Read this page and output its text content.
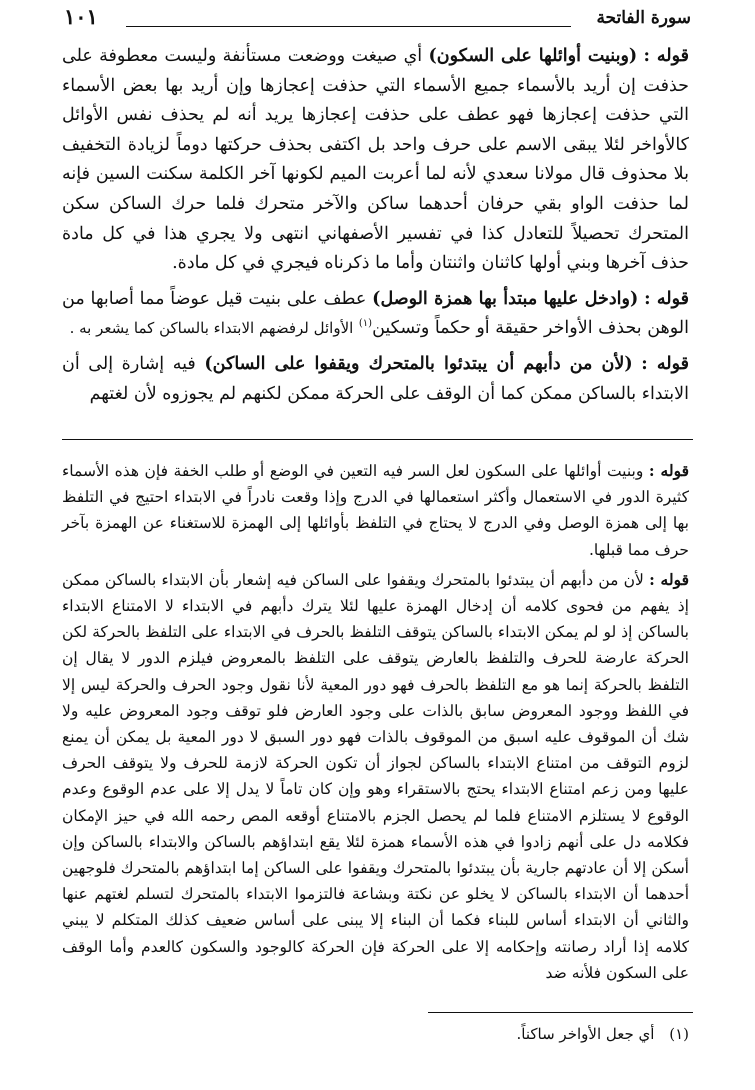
سورة الفاتحة
١٠١

قوله : (وبنيت أوائلها على السكون) أي صيغت ووضعت مستأنفة وليست معطوفة على حذفت إن أريد بالأسماء جميع الأسماء التي حذفت إعجازها وإن أريد بها بعض الأسماء التي حذفت إعجازها فهو عطف على حذفت إعجازها يريد أنه لم يحذف نفس الأوائل كالأواخر لئلا يبقى الاسم على حرف واحد بل اكتفى بحذف حركتها دوماً لزيادة التخفيف بلا محذوف قال مولانا سعدي لأنه لما أعربت الميم لكونها آخر الكلمة سكنت السين فإنه لما حذفت الواو بقي حرفان أحدهما ساكن والآخر متحرك فلما حرك الساكن سكن المتحرك تحصيلاً للتعادل كذا في تفسير الأصفهاني انتهى ولا يجري هذا في كل مادة حذف آخرها وبني أولها كاثنان واثنتان وأما ما ذكرناه فيجري في كل مادة.

قوله : (وادخل عليها مبتدأ بها همزة الوصل) عطف على بنيت قيل عوضاً مما أصابها من الوهن بحذف الأواخر حقيقة أو حكماً وتسكين$^{(١)}$ الأوائل لرفضهم الابتداء بالساكن كما يشعر به .

قوله : (لأن من دأبهم أن يبتدئوا بالمتحرك ويقفوا على الساكن) فيه إشارة إلى أن الابتداء بالساكن ممكن كما أن الوقف على الحركة ممكن لكنهم لم يجوزوه لأن لغتهم

قوله : وبنيت أوائلها على السكون لعل السر فيه التعين في الوضع أو طلب الخفة فإن هذه الأسماء كثيرة الدور في الاستعمال وأكثر استعمالها في الدرج وإذا وقعت نادراً في الابتداء احتيج في التلفظ بها إلى همزة الوصل وفي الدرج لا يحتاج في التلفظ بأوائلها إلى الهمزة للاستغناء عن الهمزة بآخر حرف مما قبلها.

قوله : لأن من دأبهم أن يبتدئوا بالمتحرك ويقفوا على الساكن فيه إشعار بأن الابتداء بالساكن ممكن إذ يفهم من فحوى كلامه أن إدخال الهمزة عليها لئلا يترك دأبهم في الابتداء لا الامتناع الابتداء بالساكن إذ لو لم يمكن الابتداء بالساكن يتوقف التلفظ بالحرف في الابتداء على التلفظ بالحركة لكن الحركة عارضة للحرف والتلفظ بالعارض يتوقف على التلفظ بالمعروض فيلزم الدور لا يقال إن التلفظ بالحركة إنما هو مع التلفظ بالحرف فهو دور المعية لأنا نقول وجود الحرف والحركة ليس إلا في اللفظ ووجود المعروض سابق بالذات على وجود العارض فلو توقف وجود المعروض عليه ولا شك أن الموقوف عليه اسبق من الموقوف بالذات فهو دور السبق لا دور المعية بل يمكن أن يمنع لزوم التوقف من امتناع الابتداء بالساكن لجواز أن تكون الحركة لازمة للحرف ولا يتوقف الحرف عليها ومن زعم امتناع الابتداء يحتج بالاستقراء وهو وإن كان تاماً لا يدل إلا على عدم الوقوع وعدم الوقوع لا يستلزم الامتناع فلما لم يحصل الجزم بالامتناع أوقعه المص رحمه الله في حيز الإمكان فكلامه دل على أنهم زادوا في هذه الأسماء همزة لئلا يقع ابتداؤهم بالساكن والابتداء بالساكن وإن أسكن إلا أن عادتهم جارية بأن يبتدئوا بالمتحرك ويقفوا على الساكن إما ابتداؤهم بالمتحرك فلوجهين أحدهما أن الابتداء بالساكن لا يخلو عن نكتة وبشاعة فالتزموا الابتداء بالمتحرك لتسلم لغتهم عنها والثاني أن الابتداء أساس للبناء فكما أن البناء إلا يبنى على أساس ضعيف كذلك المتكلم لا يبني كلامه إذا أراد رصانته وإحكامه إلا على الحركة فإن الحركة كالوجود والسكون كالعدم وأما الوقف على السكون فلأنه ضد

(١) أي جعل الأواخر ساكناً.
